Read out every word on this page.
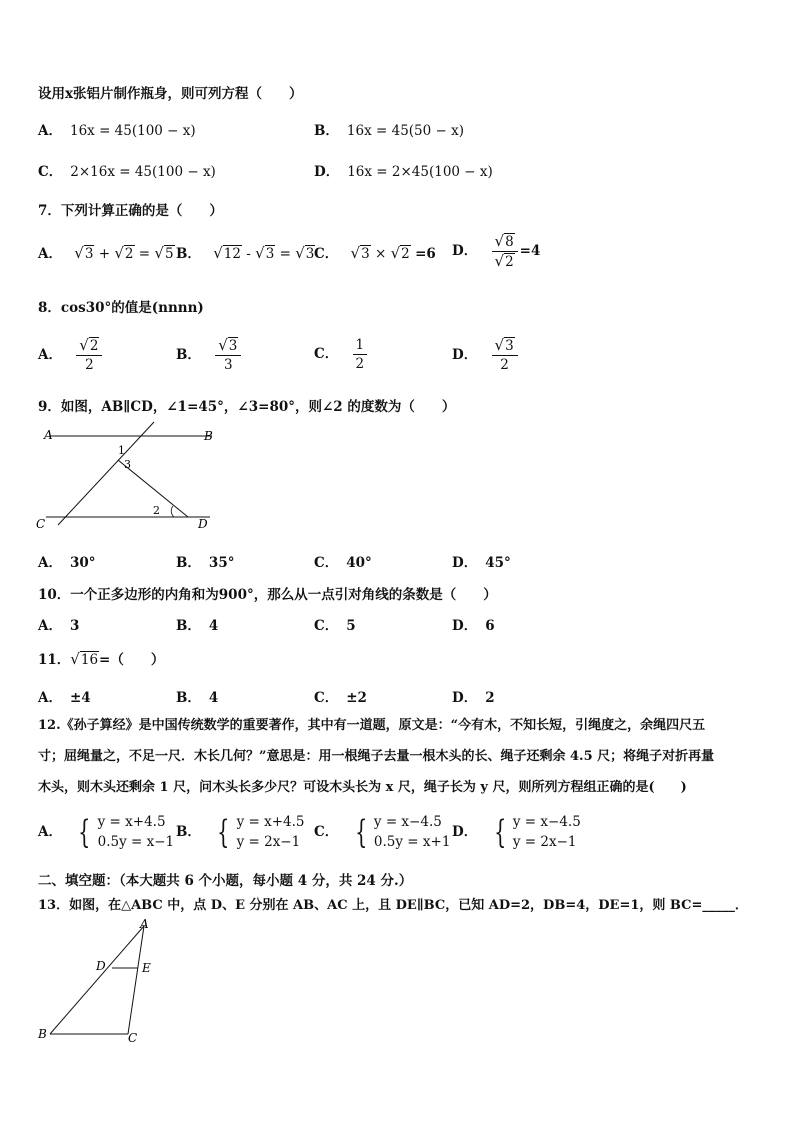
设用x张铝片制作瓶身，则可列方程（　　）
A． 16x = 45(100 − x)	B． 16x = 45(50 − x)
C． 2×16x = 45(100 − x)	D． 16x = 2×45(100 − x)
7．下列计算正确的是（　　）
A． √3 + √2 = √5 B． √12 - √3 = √3 C． √3 × √2 =6 D． $\frac{√8}{√2} =4$
8．cos30°的值是(nnnn)
A． $\frac{√2}{2}$	B． $\frac{√3}{3}$	C． $\frac{1}{2}$	D． $\frac{√3}{2}$
9．如图，AB∥CD，∠1=45°，∠3=80°，则∠2 的度数为（　　）
A	B
C	D
1
3
2
A． 30°	B． 35°	C． 40°	D． 45°
10．一个正多边形的内角和为900°，那么从一点引对角线的条数是（　　）
A． 3	B． 4	C． 5	D． 6
11．√16=（　　）
A． ±4	B． 4	C． ±2	D． 2
12.《孙子算经》是中国传统数学的重要著作，其中有一道题，原文是：“今有木，不知长短，引绳度之，余绳四尺五
寸；屈绳量之，不足一尺．木长几何？”意思是：用一根绳子去量一根木头的长、绳子还剩余 4.5 尺；将绳子对折再量
木头，则木头还剩余 1 尺，问木头长多少尺？可设木头长为 x 尺，绳子长为 y 尺，则所列方程组正确的是(　　)
A． { y = x+4.5
0.5y = x−1
B． { y = x+4.5
y = 2x−1
C． { y = x−4.5
0.5y = x+1
D． { y = x−4.5
y = 2x−1
二、填空题：（本大题共 6 个小题，每小题 4 分，共 24 分.）
13．如图，在△ABC 中，点 D、E 分别在 AB、AC 上，且 DE∥BC，已知 AD=2，DB=4，DE=1，则 BC=_____．
A
D	E
B	C
